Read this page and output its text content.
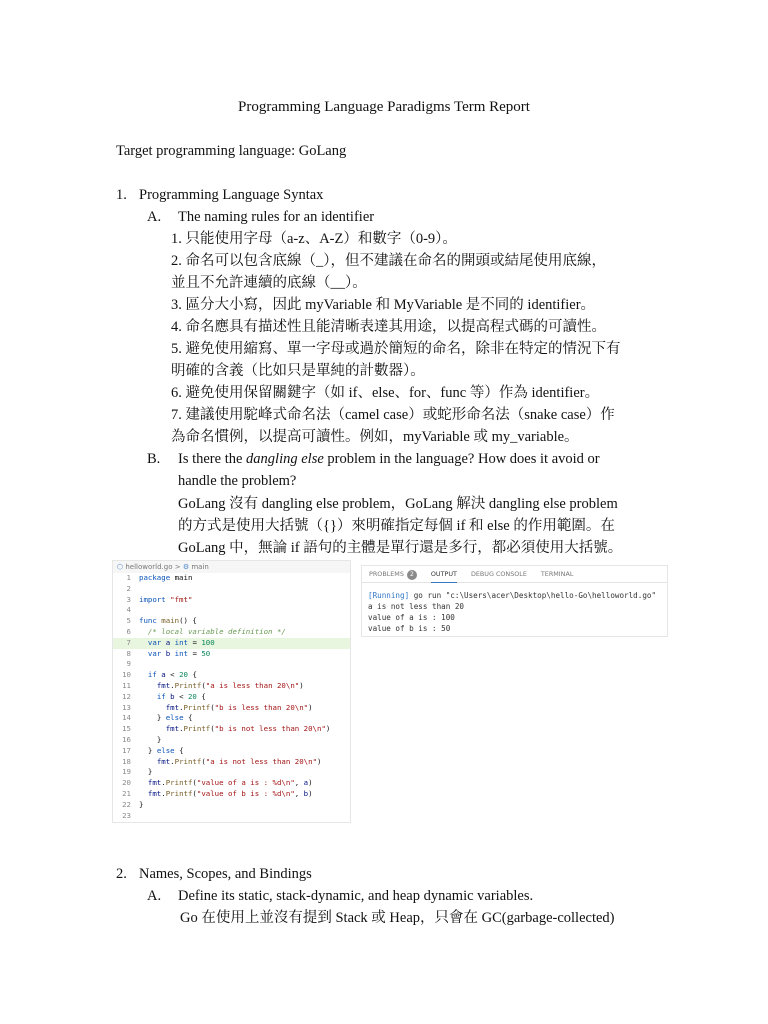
Programming Language Paradigms Term Report
Target programming language: GoLang
1. Programming Language Syntax
A. The naming rules for an identifier
1. 只能使用字母（a-z、A-Z）和數字（0-9）。
2. 命名可以包含底線（_），但不建議在命名的開頭或結尾使用底線，
並且不允許連續的底線（__）。
3. 區分大小寫，因此 myVariable 和 MyVariable 是不同的 identifier。
4. 命名應具有描述性且能清晰表達其用途，以提高程式碼的可讀性。
5. 避免使用縮寫、單一字母或過於簡短的命名，除非在特定的情況下有
明確的含義（比如只是單純的計數器）。
6. 避免使用保留關鍵字（如 if、else、for、func 等）作為 identifier。
7. 建議使用駝峰式命名法（camel case）或蛇形命名法（snake case）作
為命名慣例，以提高可讀性。例如，myVariable 或 my_variable。
B. Is there the dangling else problem in the language? How does it avoid or
handle the problem?
GoLang 沒有 dangling else problem，GoLang 解決 dangling else problem
的方式是使用大括號（{}）來明確指定每個 if 和 else 的作用範圍。在
GoLang 中，無論 if 語句的主體是單行還是多行，都必須使用大括號。
⬡ helloworld.go > ⚙ main
1 package main
2
3 import "fmt"
4
5 func main() {
6 /* local variable definition */
7 var a int = 100
8 var b int = 50
9
10 if a < 20 {
11	fmt.Printf("a is less than 20\n")
12	if b < 20 {
13	fmt.Printf("b is less than 20\n")
14	} else {
15	fmt.Printf("b is not less than 20\n")
16	}
17 } else {
18	fmt.Printf("a is not less than 20\n")
19 }
20 fmt.Printf("value of a is : %d\n", a)
21 fmt.Printf("value of b is : %d\n", b)
22 }
23
PROBLEMS 2	OUTPUT DEBUG CONSOLE TERMINAL
[Running] go run "c:\Users\acer\Desktop\hello-Go\helloworld.go"
a is not less than 20
value of a is : 100
value of b is : 50
2. Names, Scopes, and Bindings
A. Define its static, stack-dynamic, and heap dynamic variables.
Go 在使用上並沒有提到 Stack 或 Heap，只會在 GC(garbage-collected)
